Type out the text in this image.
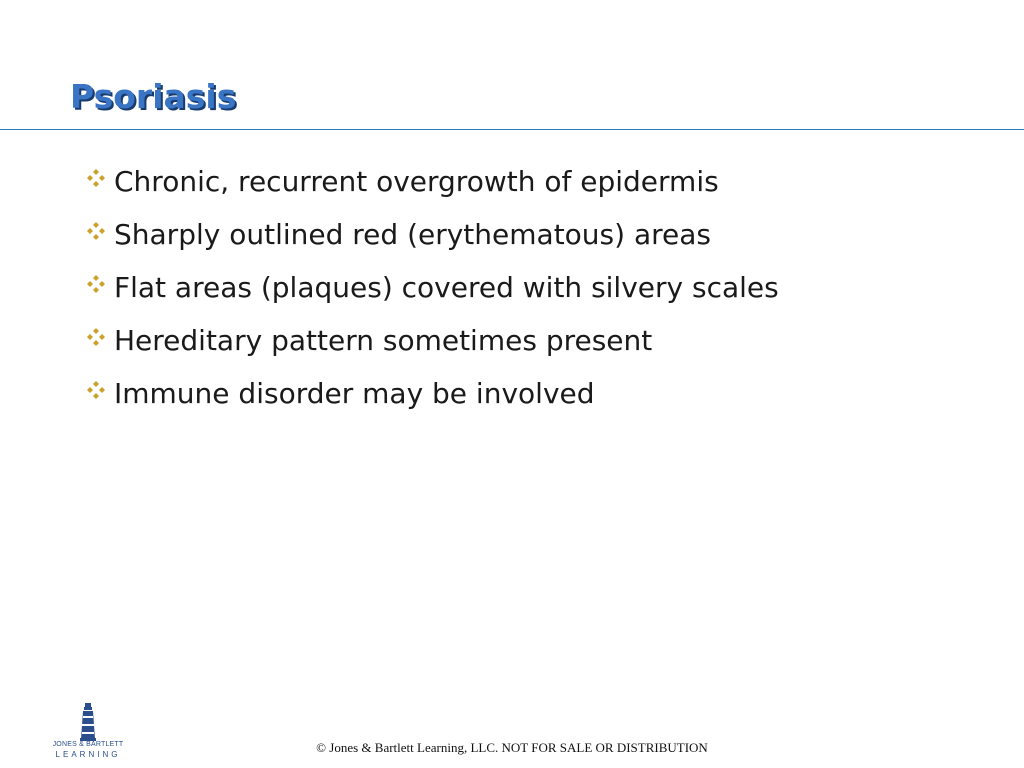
Psoriasis
Chronic, recurrent overgrowth of epidermis
Sharply outlined red (erythematous) areas
Flat areas (plaques) covered with silvery scales
Hereditary pattern sometimes present
Immune disorder may be involved
JONES & BARTLETT
LEARNING	© Jones & Bartlett Learning, LLC. NOT FOR SALE OR DISTRIBUTION
